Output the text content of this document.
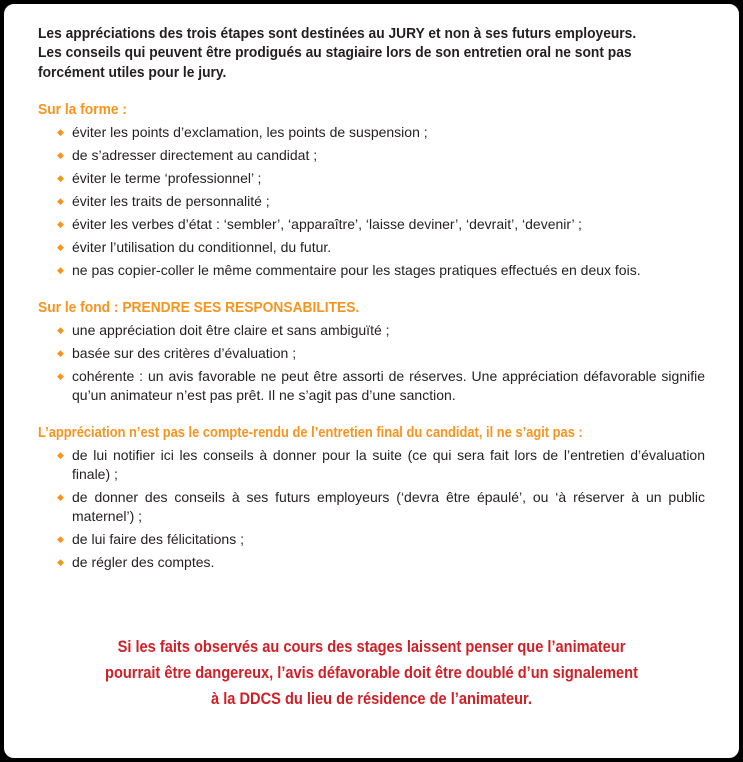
Les appréciations des trois étapes sont destinées au JURY et non à ses futurs employeurs.
Les conseils qui peuvent être prodigués au stagiaire lors de son entretien oral ne sont pas
forcément utiles pour le jury.
Sur la forme :
◆ éviter les points d’exclamation, les points de suspension ;
◆ de s’adresser directement au candidat ;
◆ éviter le terme ‘professionnel’ ;
◆ éviter les traits de personnalité ;
◆ éviter les verbes d’état : ‘sembler’, ‘apparaître’, ‘laisse deviner’, ‘devrait’, ‘devenir’ ;
◆ éviter l’utilisation du conditionnel, du futur.
◆ ne pas copier-coller le même commentaire pour les stages pratiques effectués en deux fois.
Sur le fond : PRENDRE SES RESPONSABILITES.
◆ une appréciation doit être claire et sans ambiguïté ;
◆ basée sur des critères d’évaluation ;
◆ cohérente : un avis favorable ne peut être assorti de réserves. Une appréciation défavorable signifie qu’un animateur n’est pas prêt. Il ne s’agit pas d’une sanction.
L’appréciation n’est pas le compte-rendu de l’entretien final du candidat, il ne s’agit pas :
◆ de lui notifier ici les conseils à donner pour la suite (ce qui sera fait lors de l’entretien d’évaluation finale) ;
◆ de donner des conseils à ses futurs employeurs (‘devra être épaulé’, ou ‘à réserver à un public maternel’) ;
◆ de lui faire des félicitations ;
◆ de régler des comptes.
Si les faits observés au cours des stages laissent penser que l’animateur
pourrait être dangereux, l’avis défavorable doit être doublé d’un signalement
à la DDCS du lieu de résidence de l’animateur.
